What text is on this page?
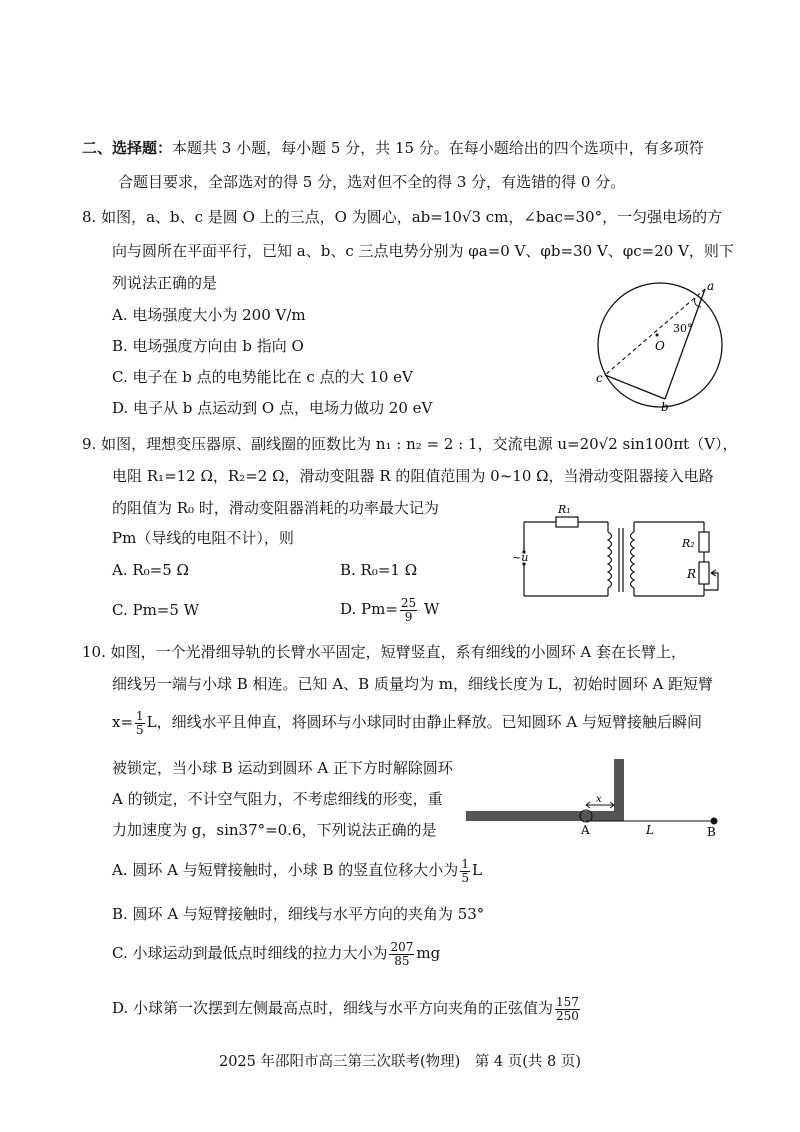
二、选择题：本题共 3 小题，每小题 5 分，共 15 分。在每小题给出的四个选项中，有多项符
合题目要求，全部选对的得 5 分，选对但不全的得 3 分，有选错的得 0 分。
8. 如图，a、b、c 是圆 O 上的三点，O 为圆心，ab=10√3 cm，∠bac=30°，一匀强电场的方
向与圆所在平面平行，已知 a、b、c 三点电势分别为 φa=0 V、φb=30 V、φc=20 V，则下
列说法正确的是
A. 电场强度大小为 200 V/m
B. 电场强度方向由 b 指向 O
C. 电子在 b 点的电势能比在 c 点的大 10 eV
D. 电子从 b 点运动到 O 点，电场力做功 20 eV
a
b
c
O
30°
9. 如图，理想变压器原、副线圈的匝数比为 n₁ : n₂ = 2 : 1，交流电源 u=20√2 sin100πt（V），
电阻 R₁=12 Ω，R₂=2 Ω，滑动变阻器 R 的阻值范围为 0~10 Ω，当滑动变阻器接入电路
的阻值为 R₀ 时，滑动变阻器消耗的功率最大记为
Pm（导线的电阻不计），则
A. R₀=5 Ω	B. R₀=1 Ω
C. Pm=5 W	D. $Pm= \frac{25}{9}$ W
~u
R₁
R₂
R
10. 如图，一个光滑细导轨的长臂水平固定，短臂竖直，系有细线的小圆环 A 套在长臂上，
细线另一端与小球 B 相连。已知 A、B 质量均为 m，细线长度为 L，初始时圆环 A 距短臂
$x= \frac{1}{5}$ L，细线水平且伸直，将圆环与小球同时由静止释放。已知圆环 A 与短臂接触后瞬间
被锁定，当小球 B 运动到圆环 A 正下方时解除圆环
A 的锁定，不计空气阻力，不考虑细线的形变，重
力加速度为 g，sin37°=0.6，下列说法正确的是
A. 圆环 A 与短臂接触时，小球 B 的竖直位移大小为 $\frac{1}{5}$ L
B. 圆环 A 与短臂接触时，细线与水平方向的夹角为 53°
C. 小球运动到最低点时细线的拉力大小为 $\frac{207}{85}$ mg
D. 小球第一次摆到左侧最高点时，细线与水平方向夹角的正弦值为 $\frac{157}{250}$
x
A	L	B
2025 年邵阳市高三第三次联考(物理)　第 4 页(共 8 页)
